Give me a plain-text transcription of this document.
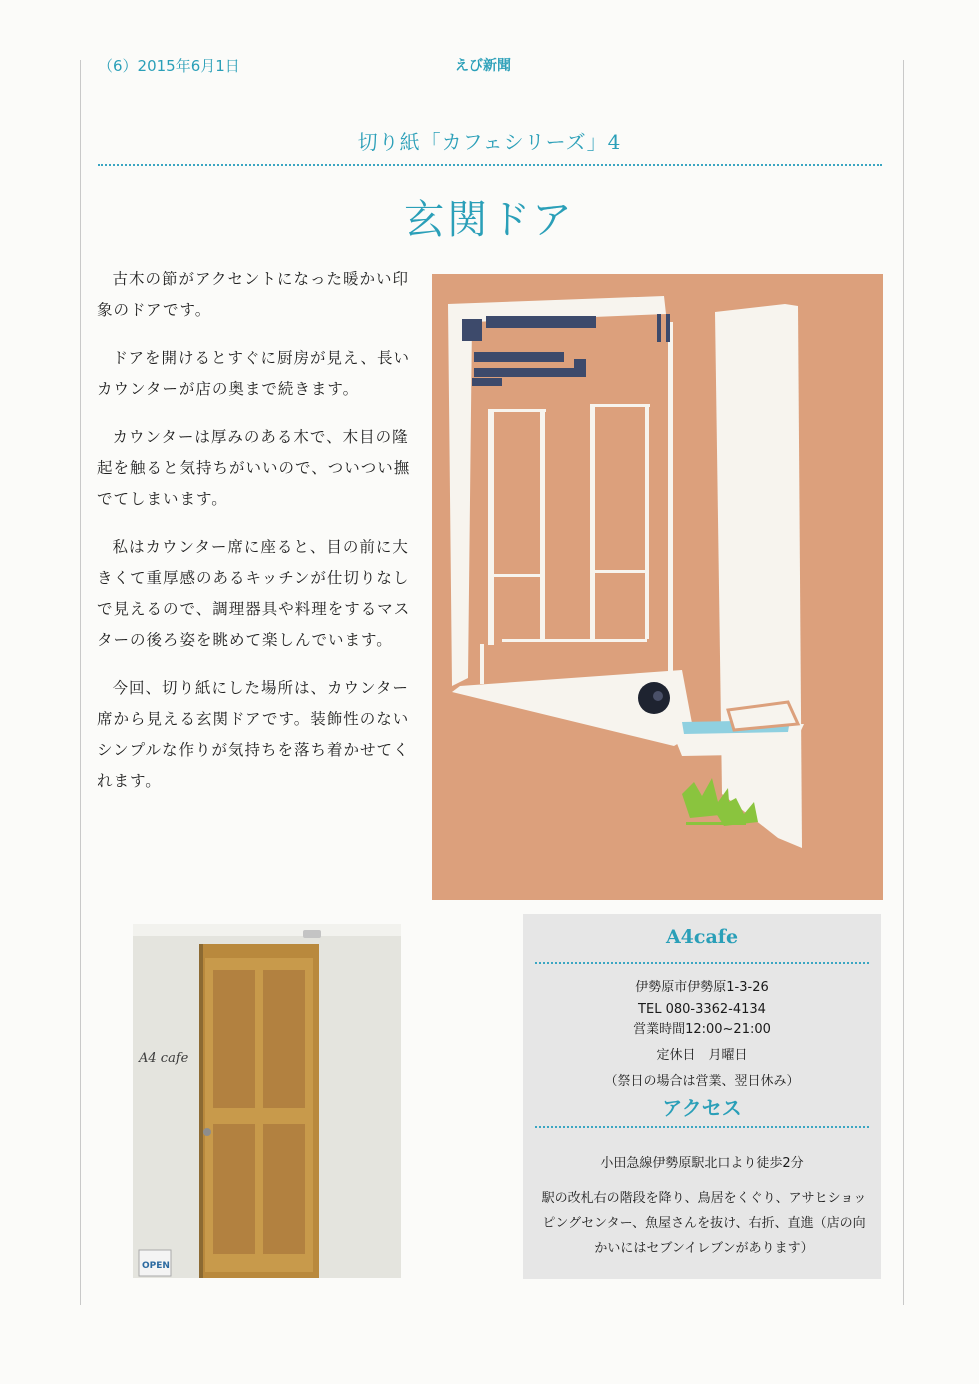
（6）2015年6月1日	えび新聞
切り紙「カフェシリーズ」4
玄関ドア

古木の節がアクセントになった暖かい印象のドアです。

ドアを開けるとすぐに厨房が見え、長いカウンターが店の奥まで続きます。

カウンターは厚みのある木で、木目の隆起を触ると気持ちがいいので、ついつい撫でてしまいます。

私はカウンター席に座ると、目の前に大きくて重厚感のあるキッチンが仕切りなしで見えるので、調理器具や料理をするマスターの後ろ姿を眺めて楽しんでいます。

今回、切り紙にした場所は、カウンター席から見える玄関ドアです。装飾性のないシンプルな作りが気持ちを落ち着かせてくれます。

A4 cafe
OPEN
A4cafe
伊勢原市伊勢原1-3-26
TEL 080-3362-4134
営業時間12:00~21:00
定休日　月曜日
（祭日の場合は営業、翌日休み）
アクセス
小田急線伊勢原駅北口より徒歩2分
駅の改札右の階段を降り、鳥居をくぐり、アサヒショッピングセンター、魚屋さんを抜け、右折、直進（店の向かいにはセブンイレブンがあります）
